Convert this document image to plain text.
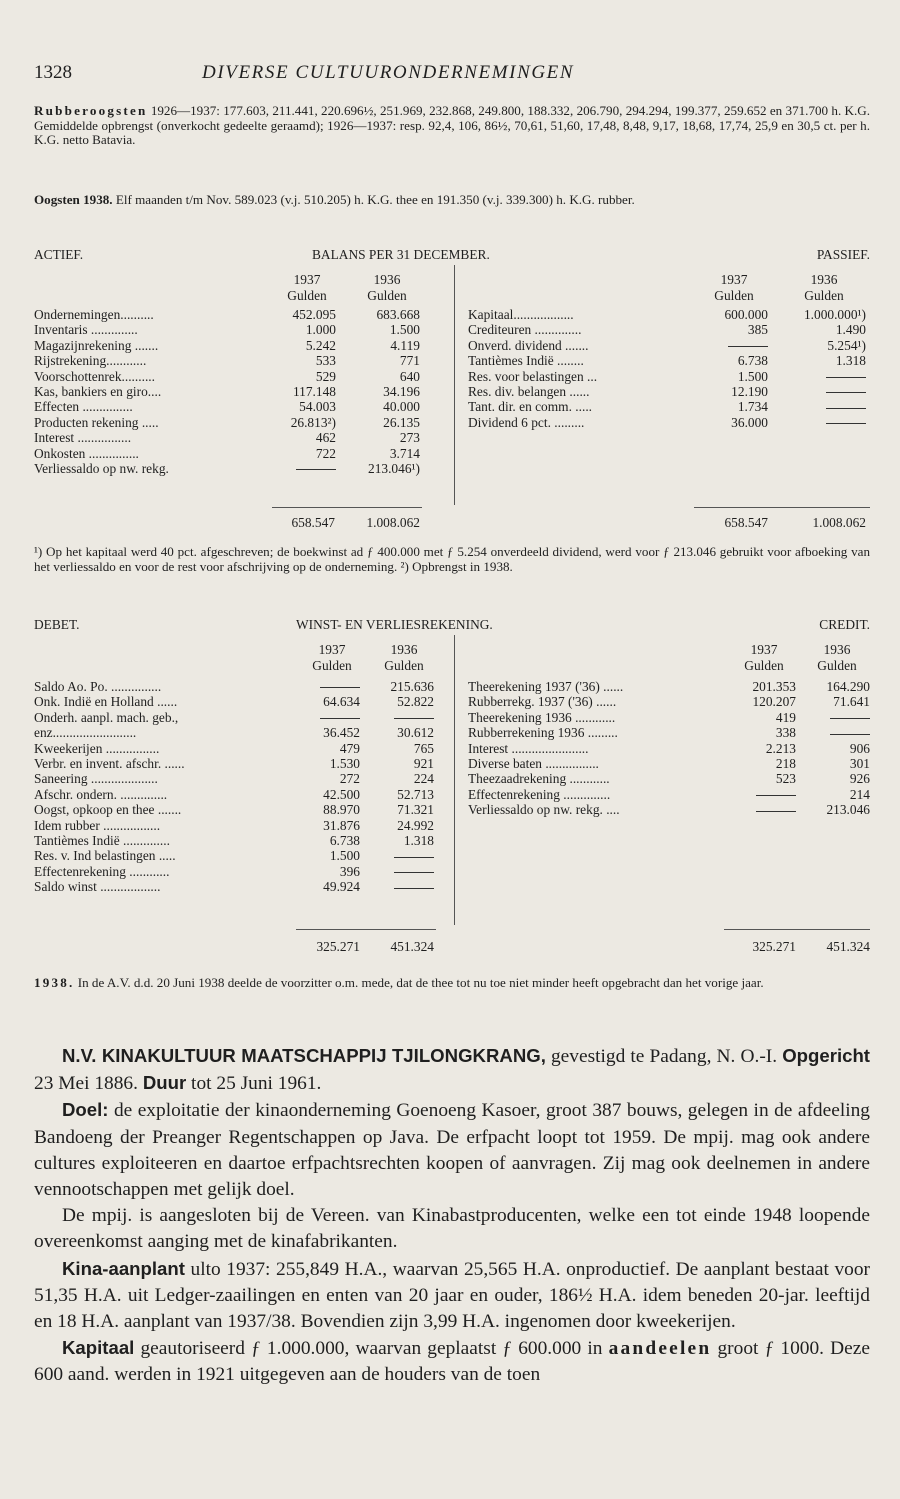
1328	DIVERSE CULTUURONDERNEMINGEN
Rubberoogsten 1926—1937: 177.603, 211.441, 220.696½, 251.969, 232.868, 249.800, 188.332, 206.790, 294.294, 199.377, 259.652 en 371.700 h. K.G. Gemiddelde opbrengst (onverkocht gedeelte geraamd); 1926—1937: resp. 92,4, 106, 86½, 70,61, 51,60, 17,48, 8,48, 9,17, 18,68, 17,74, 25,9 en 30,5 ct. per h. K.G. netto Batavia.
Oogsten 1938. Elf maanden t/m Nov. 589.023 (v.j. 510.205) h. K.G. thee en 191.350 (v.j. 339.300) h. K.G. rubber.
ACTIEF.	BALANS PER 31 DECEMBER.	PASSIEF.
1937	1936
Gulden	Gulden
1937	1936
Gulden	Gulden
Ondernemingen..........	452.095	683.668
Inventaris ..............	1.000	1.500
Magazijnrekening .......	5.242	4.119
Rijstrekening............	533	771
Voorschottenrek..........	529	640
Kas, bankiers en giro....	117.148	34.196
Effecten ...............	54.003	40.000
Producten rekening .....	26.813²)	26.135
Interest ................	462	273
Onkosten ...............	722	3.714
Verliessaldo op nw. rekg.		213.046¹)
Kapitaal..................	600.000	1.000.000¹)
Crediteuren ..............	385	1.490
Onverd. dividend .......		5.254¹)
Tantièmes Indië ........	6.738	1.318
Res. voor belastingen ...	1.500	
Res. div. belangen ......	12.190	
Tant. dir. en comm. .....	1.734	
Dividend 6 pct. .........	36.000	
658.547	1.008.062	658.547	1.008.062
¹) Op het kapitaal werd 40 pct. afgeschreven; de boekwinst ad ƒ 400.000 met ƒ 5.254 onverdeeld dividend, werd voor ƒ 213.046 gebruikt voor afboeking van het verliessaldo en voor de rest voor afschrijving op de onderneming. ²) Opbrengst in 1938.
DEBET.	WINST- EN VERLIESREKENING.	CREDIT.
1937	1936
Gulden	Gulden
1937	1936
Gulden	Gulden
Saldo Ao. Po. ...............		215.636
Onk. Indië en Holland ......	64.634	52.822
Onderh. aanpl. mach. geb.,		
enz.........................	36.452	30.612
Kweekerijen ................	479	765
Verbr. en invent. afschr. ......	1.530	921
Saneering ....................	272	224
Afschr. ondern. ..............	42.500	52.713
Oogst, opkoop en thee .......	88.970	71.321
Idem rubber .................	31.876	24.992
Tantièmes Indië ..............	6.738	1.318
Res. v. Ind belastingen .....	1.500	
Effectenrekening ............	396	
Saldo winst ..................	49.924	
Theerekening 1937 ('36) ......	201.353	164.290
Rubberrekg. 1937 ('36) ......	120.207	71.641
Theerekening 1936 ............	419	
Rubberrekening 1936 .........	338	
Interest .......................	2.213	906
Diverse baten ................	218	301
Theezaadrekening ............	523	926
Effectenrekening ..............		214
Verliessaldo op nw. rekg. ....		213.046
325.271	451.324	325.271	451.324
1938. In de A.V. d.d. 20 Juni 1938 deelde de voorzitter o.m. mede, dat de thee tot nu toe niet minder heeft opgebracht dan het vorige jaar.

N.V. KINAKULTUUR MAATSCHAPPIJ TJILONGKRANG, gevestigd te Padang, N. O.-I. Opgericht 23 Mei 1886. Duur tot 25 Juni 1961.

Doel: de exploitatie der kinaonderneming Goenoeng Kasoer, groot 387 bouws, gelegen in de afdeeling Bandoeng der Preanger Regentschappen op Java. De erfpacht loopt tot 1959. De mpij. mag ook andere cultures exploiteeren en daartoe erfpachtsrechten koopen of aanvragen. Zij mag ook deelnemen in andere vennootschappen met gelijk doel.

De mpij. is aangesloten bij de Vereen. van Kinabastproducenten, welke een tot einde 1948 loopende overeenkomst aanging met de kinafabrikanten.

Kina-aanplant ulto 1937: 255,849 H.A., waarvan 25,565 H.A. onproductief. De aanplant bestaat voor 51,35 H.A. uit Ledger-zaailingen en enten van 20 jaar en ouder, 186½ H.A. idem beneden 20-jar. leeftijd en 18 H.A. aanplant van 1937/38. Bovendien zijn 3,99 H.A. ingenomen door kweekerijen.

Kapitaal geautoriseerd ƒ 1.000.000, waarvan geplaatst ƒ 600.000 in aandeelen groot ƒ 1000. Deze 600 aand. werden in 1921 uitgegeven aan de houders van de toen
